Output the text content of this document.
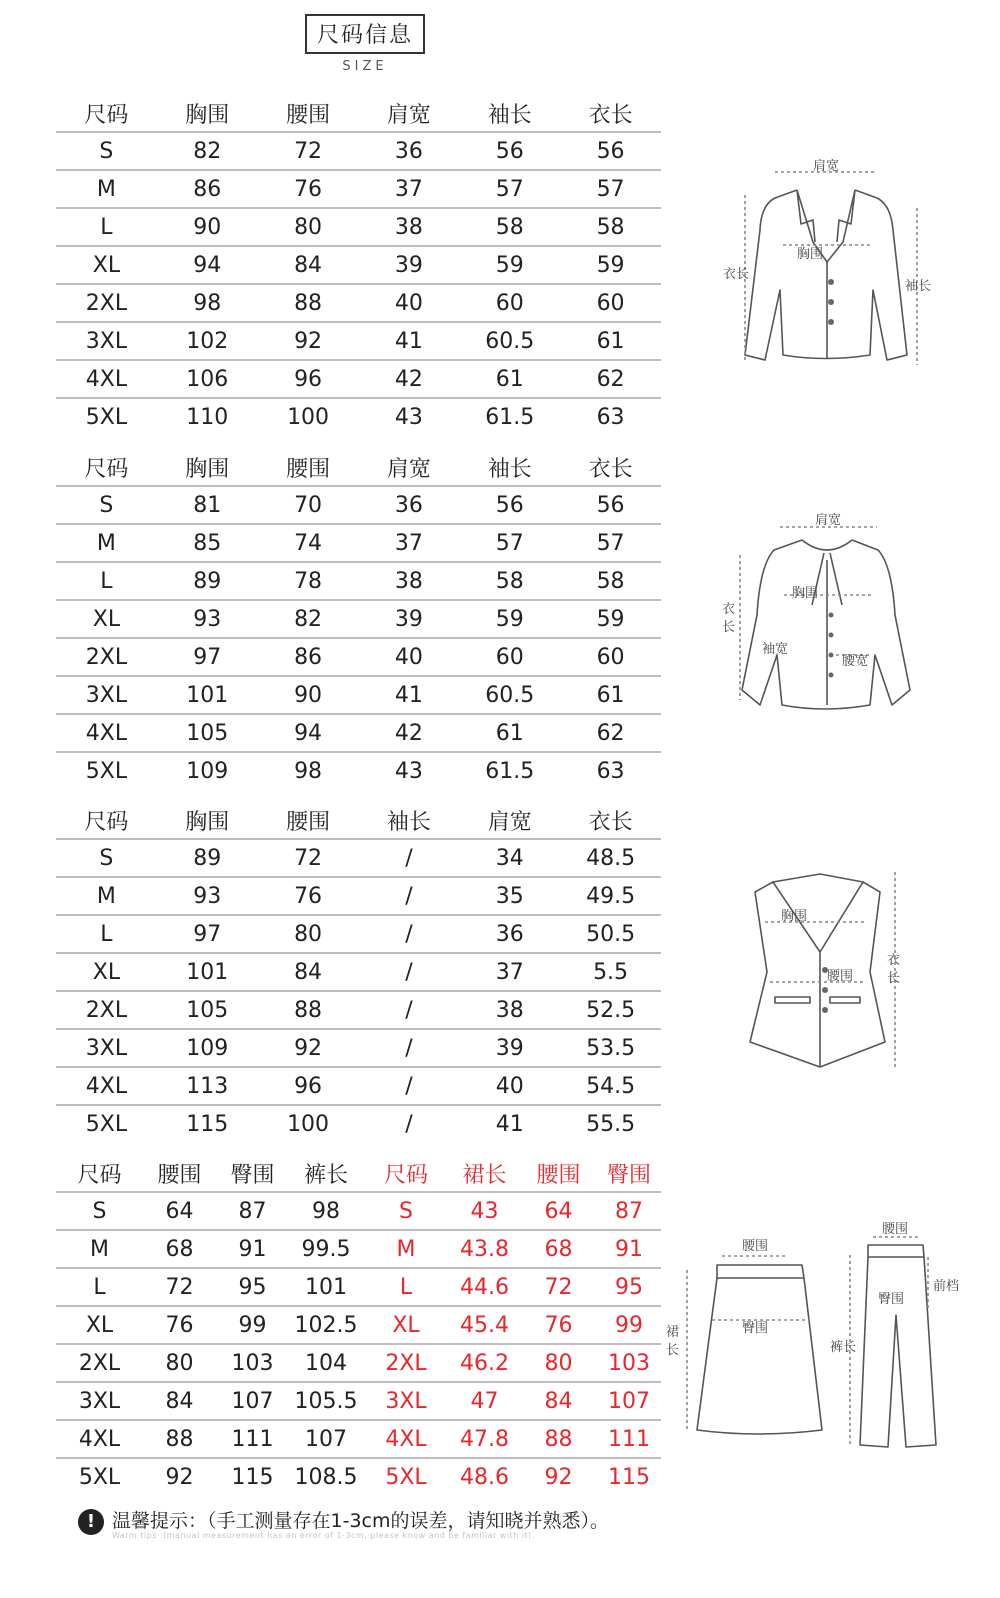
尺码信息
SIZE
尺码	胸围	腰围	肩宽	袖长	衣长
S	82	72	36	56	56
M	86	76	37	57	57
L	90	80	38	58	58
XL	94	84	39	59	59
2XL	98	88	40	60	60
3XL	102	92	41	60.5	61
4XL	106	96	42	61	62
5XL	110	100	43	61.5	63
尺码	胸围	腰围	肩宽	袖长	衣长
S	81	70	36	56	56
M	85	74	37	57	57
L	89	78	38	58	58
XL	93	82	39	59	59
2XL	97	86	40	60	60
3XL	101	90	41	60.5	61
4XL	105	94	42	61	62
5XL	109	98	43	61.5	63
尺码	胸围	腰围	袖长	肩宽	衣长
S	89	72	/	34	48.5
M	93	76	/	35	49.5
L	97	80	/	36	50.5
XL	101	84	/	37	5.5
2XL	105	88	/	38	52.5
3XL	109	92	/	39	53.5
4XL	113	96	/	40	54.5
5XL	115	100	/	41	55.5
尺码	腰围	臀围	裤长	尺码	裙长	腰围	臀围
S	64	87	98	S	43	64	87
M	68	91	99.5	M	43.8	68	91
L	72	95	101	L	44.6	72	95
XL	76	99	102.5	XL	45.4	76	99
2XL	80	103	104	2XL	46.2	80	103
3XL	84	107	105.5	3XL	47	84	107
4XL	88	111	107	4XL	47.8	88	111
5XL	92	115	108.5	5XL	48.6	92	115
肩宽
胸围
衣长
袖长
肩宽
胸围
衣
长
袖宽
腰宽
胸围
腰围
衣
长
腰围
臀围
裙
长
腰围
臀围
前档
裤长
! 温馨提示：（手工测量存在1-3cm的误差，请知晓并熟悉）。
Warm tips :(manual measurement has an error of 1-3cm, please know and be familiar with it).
